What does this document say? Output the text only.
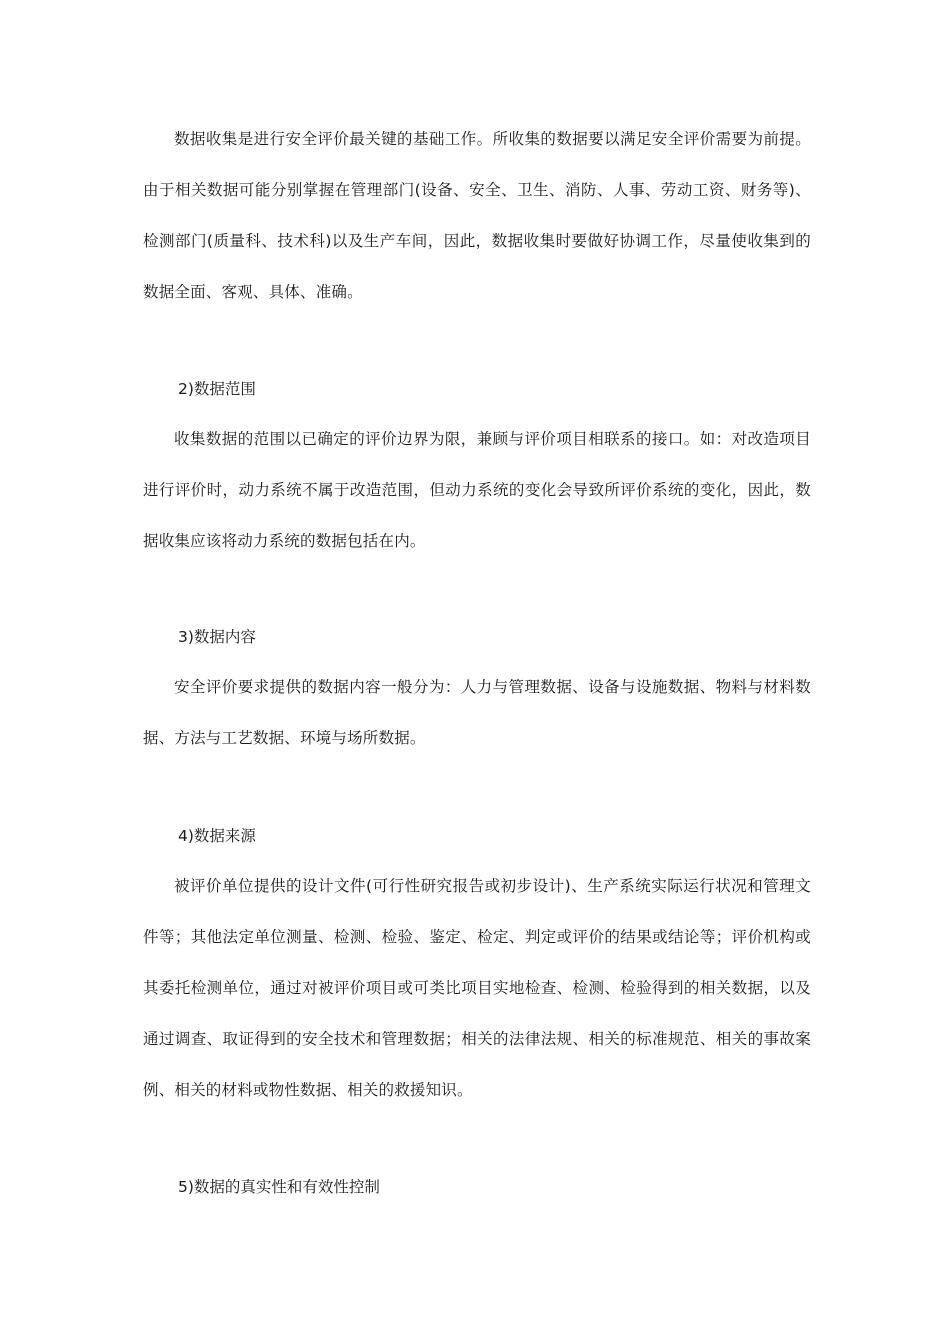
数据收集是进行安全评价最关键的基础工作。所收集的数据要以满足安全评价需要为前提。由于相关数据可能分别掌握在管理部门(设备、安全、卫生、消防、人事、劳动工资、财务等)、检测部门(质量科、技术科)以及生产车间，因此，数据收集时要做好协调工作，尽量使收集到的数据全面、客观、具体、准确。

2)数据范围

收集数据的范围以已确定的评价边界为限，兼顾与评价项目相联系的接口。如：对改造项目进行评价时，动力系统不属于改造范围，但动力系统的变化会导致所评价系统的变化，因此，数据收集应该将动力系统的数据包括在内。

3)数据内容

安全评价要求提供的数据内容一般分为：人力与管理数据、设备与设施数据、物料与材料数据、方法与工艺数据、环境与场所数据。

4)数据来源

被评价单位提供的设计文件(可行性研究报告或初步设计)、生产系统实际运行状况和管理文件等；其他法定单位测量、检测、检验、鉴定、检定、判定或评价的结果或结论等；评价机构或其委托检测单位，通过对被评价项目或可类比项目实地检查、检测、检验得到的相关数据，以及通过调查、取证得到的安全技术和管理数据；相关的法律法规、相关的标准规范、相关的事故案例、相关的材料或物性数据、相关的救援知识。

5)数据的真实性和有效性控制
